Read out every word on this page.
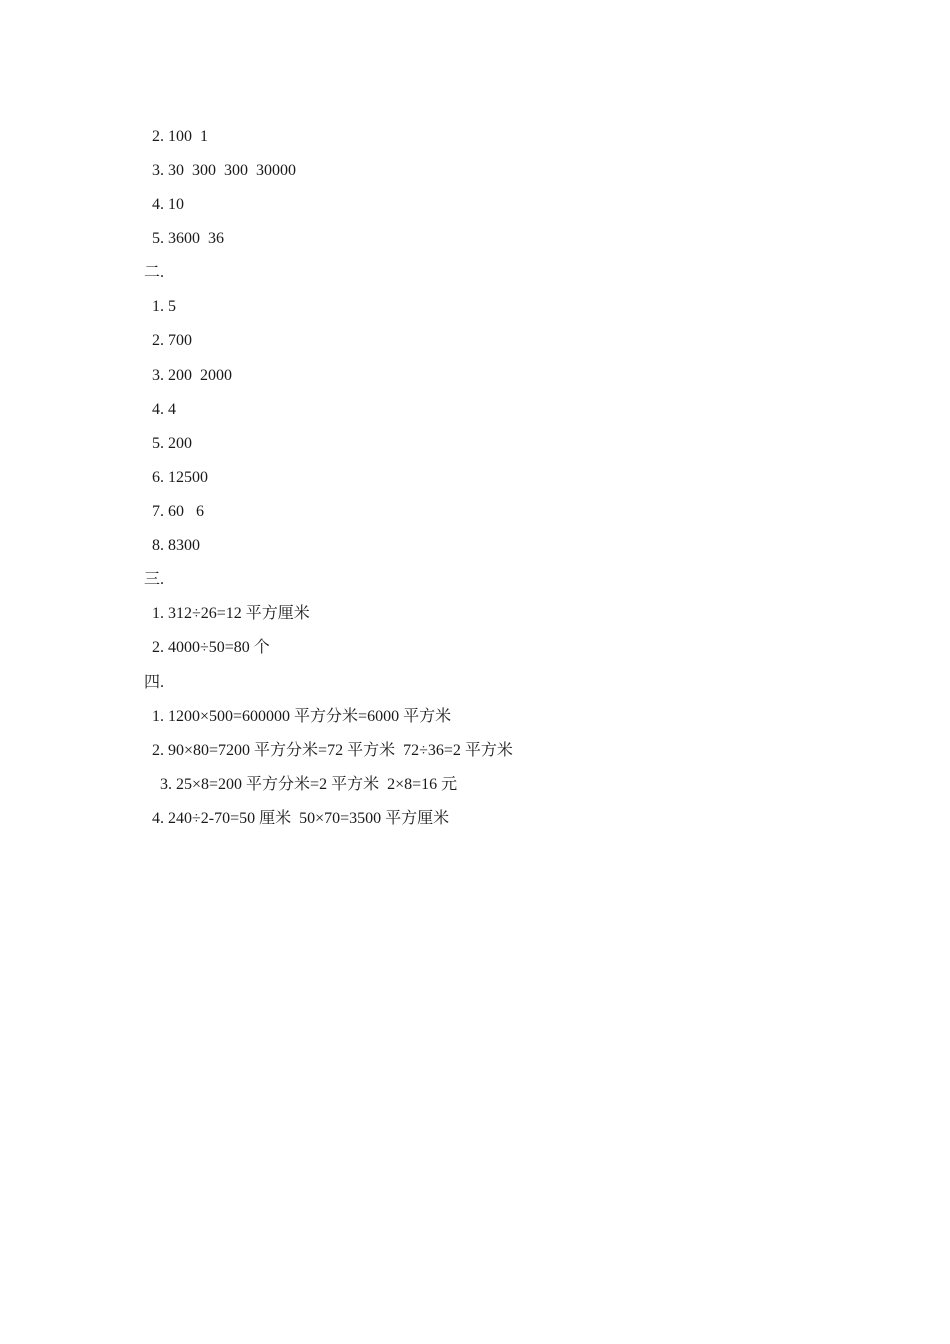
2. 100  1
3. 30  300  300  30000
4. 10
5. 3600  36
二.
1. 5
2. 700
3. 200  2000
4. 4
5. 200
6. 12500
7. 60   6
8. 8300
三.
1. 312÷26=12 平方厘米
2. 4000÷50=80 个
四.
1. 1200×500=600000 平方分米=6000 平方米
2. 90×80=7200 平方分米=72 平方米  72÷36=2 平方米
3. 25×8=200 平方分米=2 平方米  2×8=16 元
4. 240÷2-70=50 厘米  50×70=3500 平方厘米
